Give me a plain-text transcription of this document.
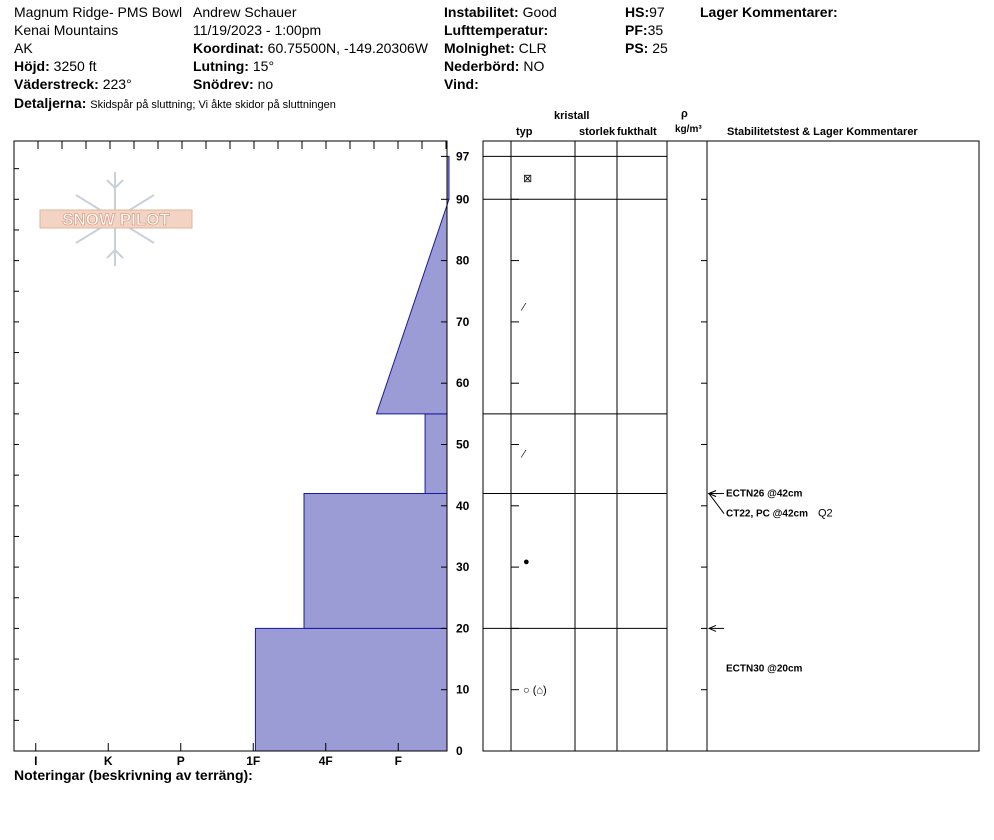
Magnum Ridge- PMS Bowl
Kenai Mountains
AK
Höjd: 3250 ft
Väderstreck: 223°
Detaljerna: Skidspår på sluttning; Vi åkte skidor på sluttningen
Andrew Schauer
11/19/2023 - 1:00pm
Koordinat: 60.75500N, -149.20306W
Lutning: 15°
Snödrev: no
Instabilitet: Good
Lufttemperatur:
Molnighet: CLR
Nederbörd: NO
Vind:
HS:97
PF:35
PS: 25
Lager Kommentarer:
kristall
typ	storlek fukthalt
ρ
kg/m³ Stabilitetstest & Lager Kommentarer
Noteringar (beskrivning av terräng):
SNOW PILOT
I	K	P	1F	4F	F
0
10
20
30
40
50
60
70
80
90
97
⊠
⁄
⁄
●
○ (⌂)
ECTN26 @42cm
CT22, PC @42cm Q2
ECTN30 @20cm
